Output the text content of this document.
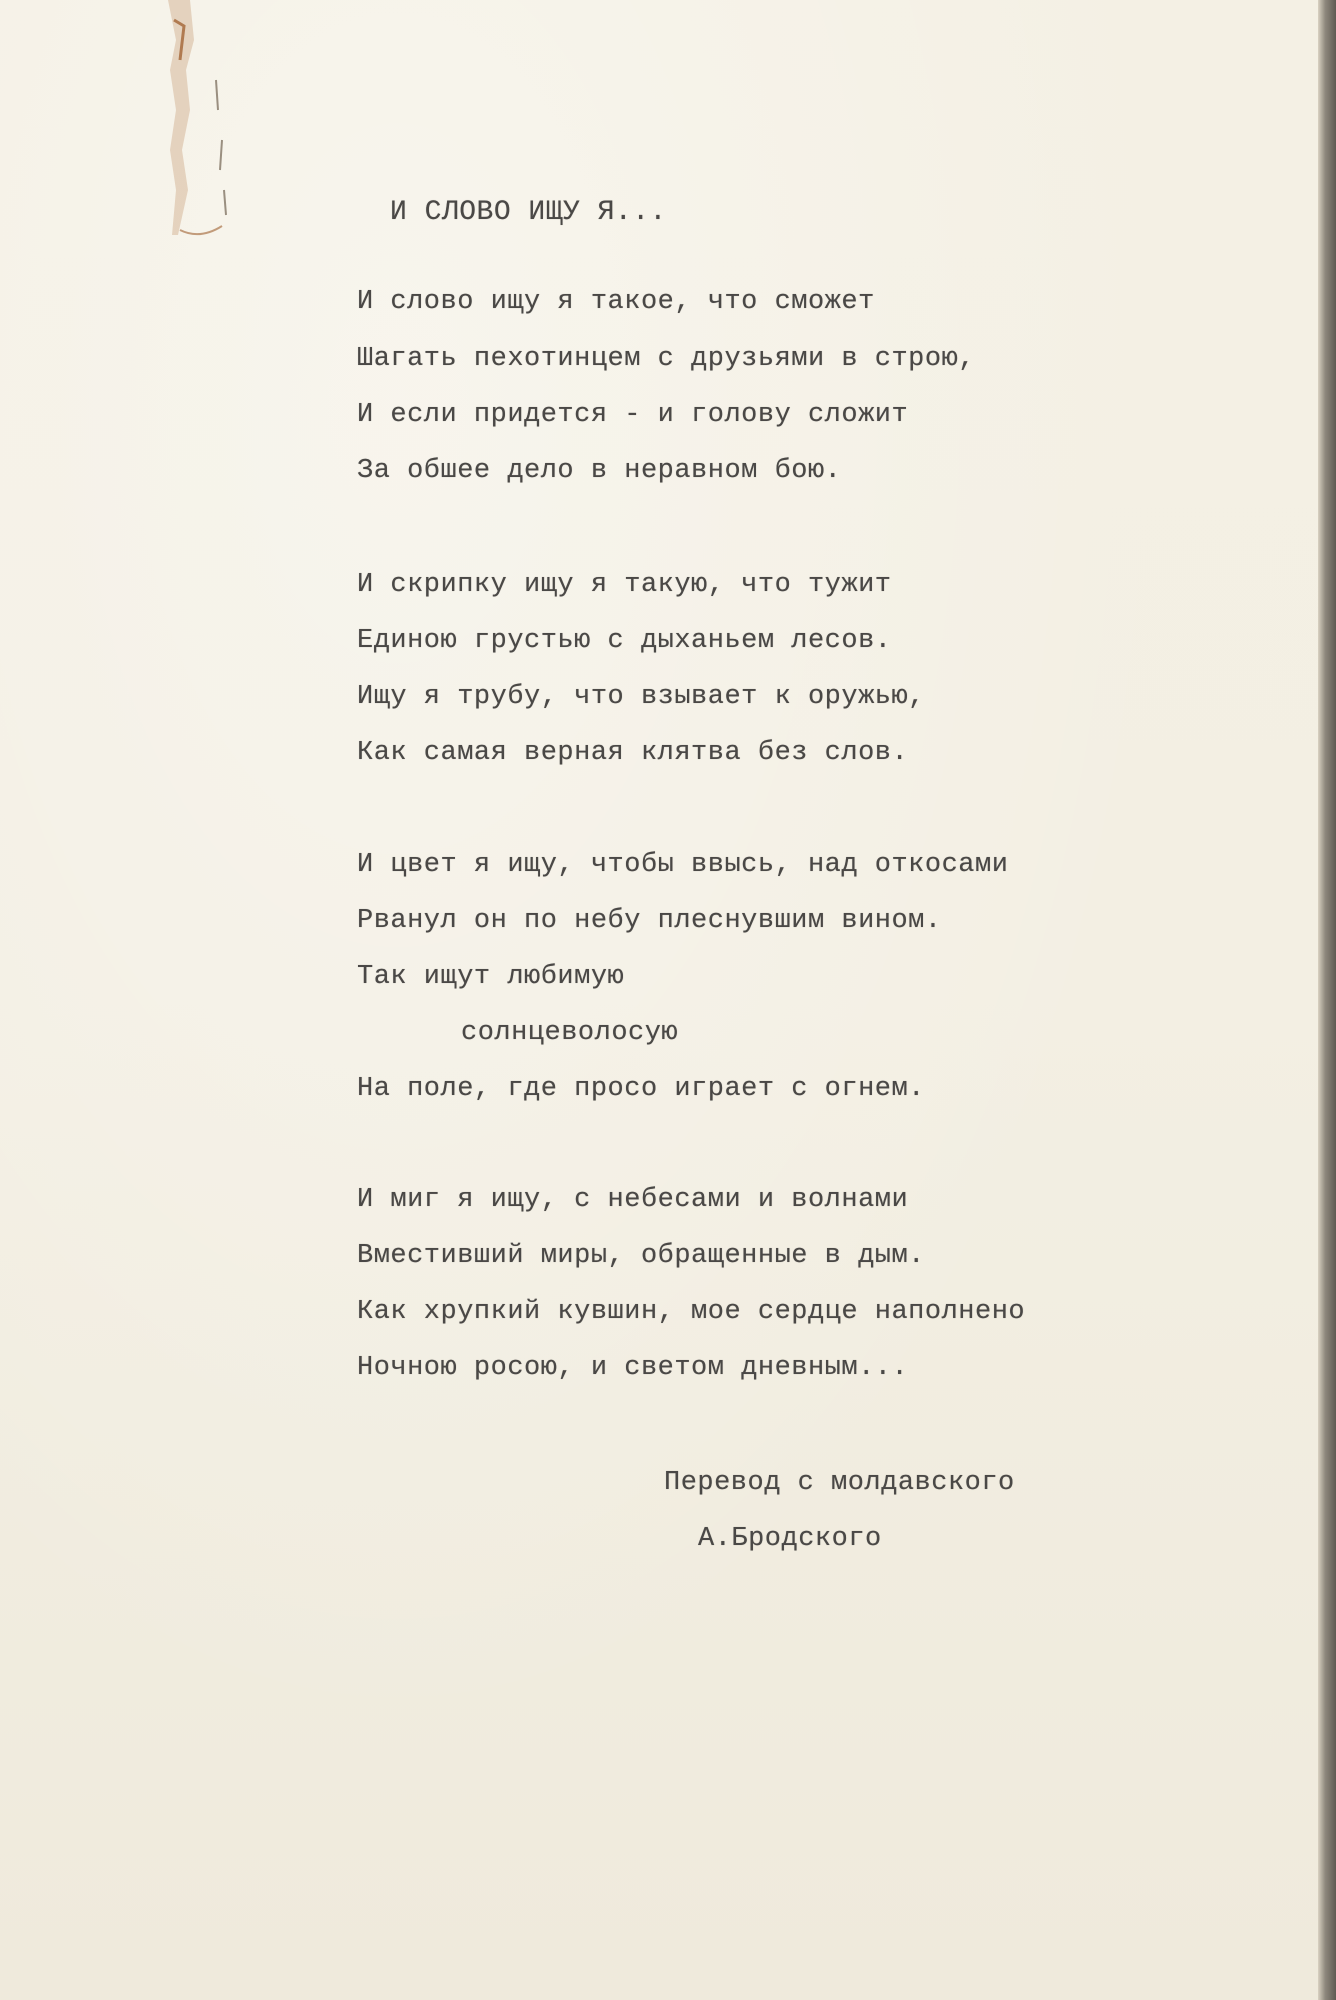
И СЛОВО ИЩУ Я...
И слово ищу я такое, что сможет
Шагать пехотинцем с друзьями в строю,
И если придется - и голову сложит
За обшее дело в неравном бою.
И скрипку ищу я такую, что тужит
Единою грустью с дыханьем лесов.
Ищу я трубу, что взывает к оружью,
Как самая верная клятва без слов.
И цвет я ищу, чтобы ввысь, над откосами
Рванул он по небу плеснувшим вином.
Так ищут любимую
солнцеволосую
На поле, где просо играет с огнем.
И миг я ищу, с небесами и волнами
Вместивший миры, обращенные в дым.
Как хрупкий кувшин, мое сердце наполнено
Ночною росою, и светом дневным...
Перевод с молдавского
А.Бродского
